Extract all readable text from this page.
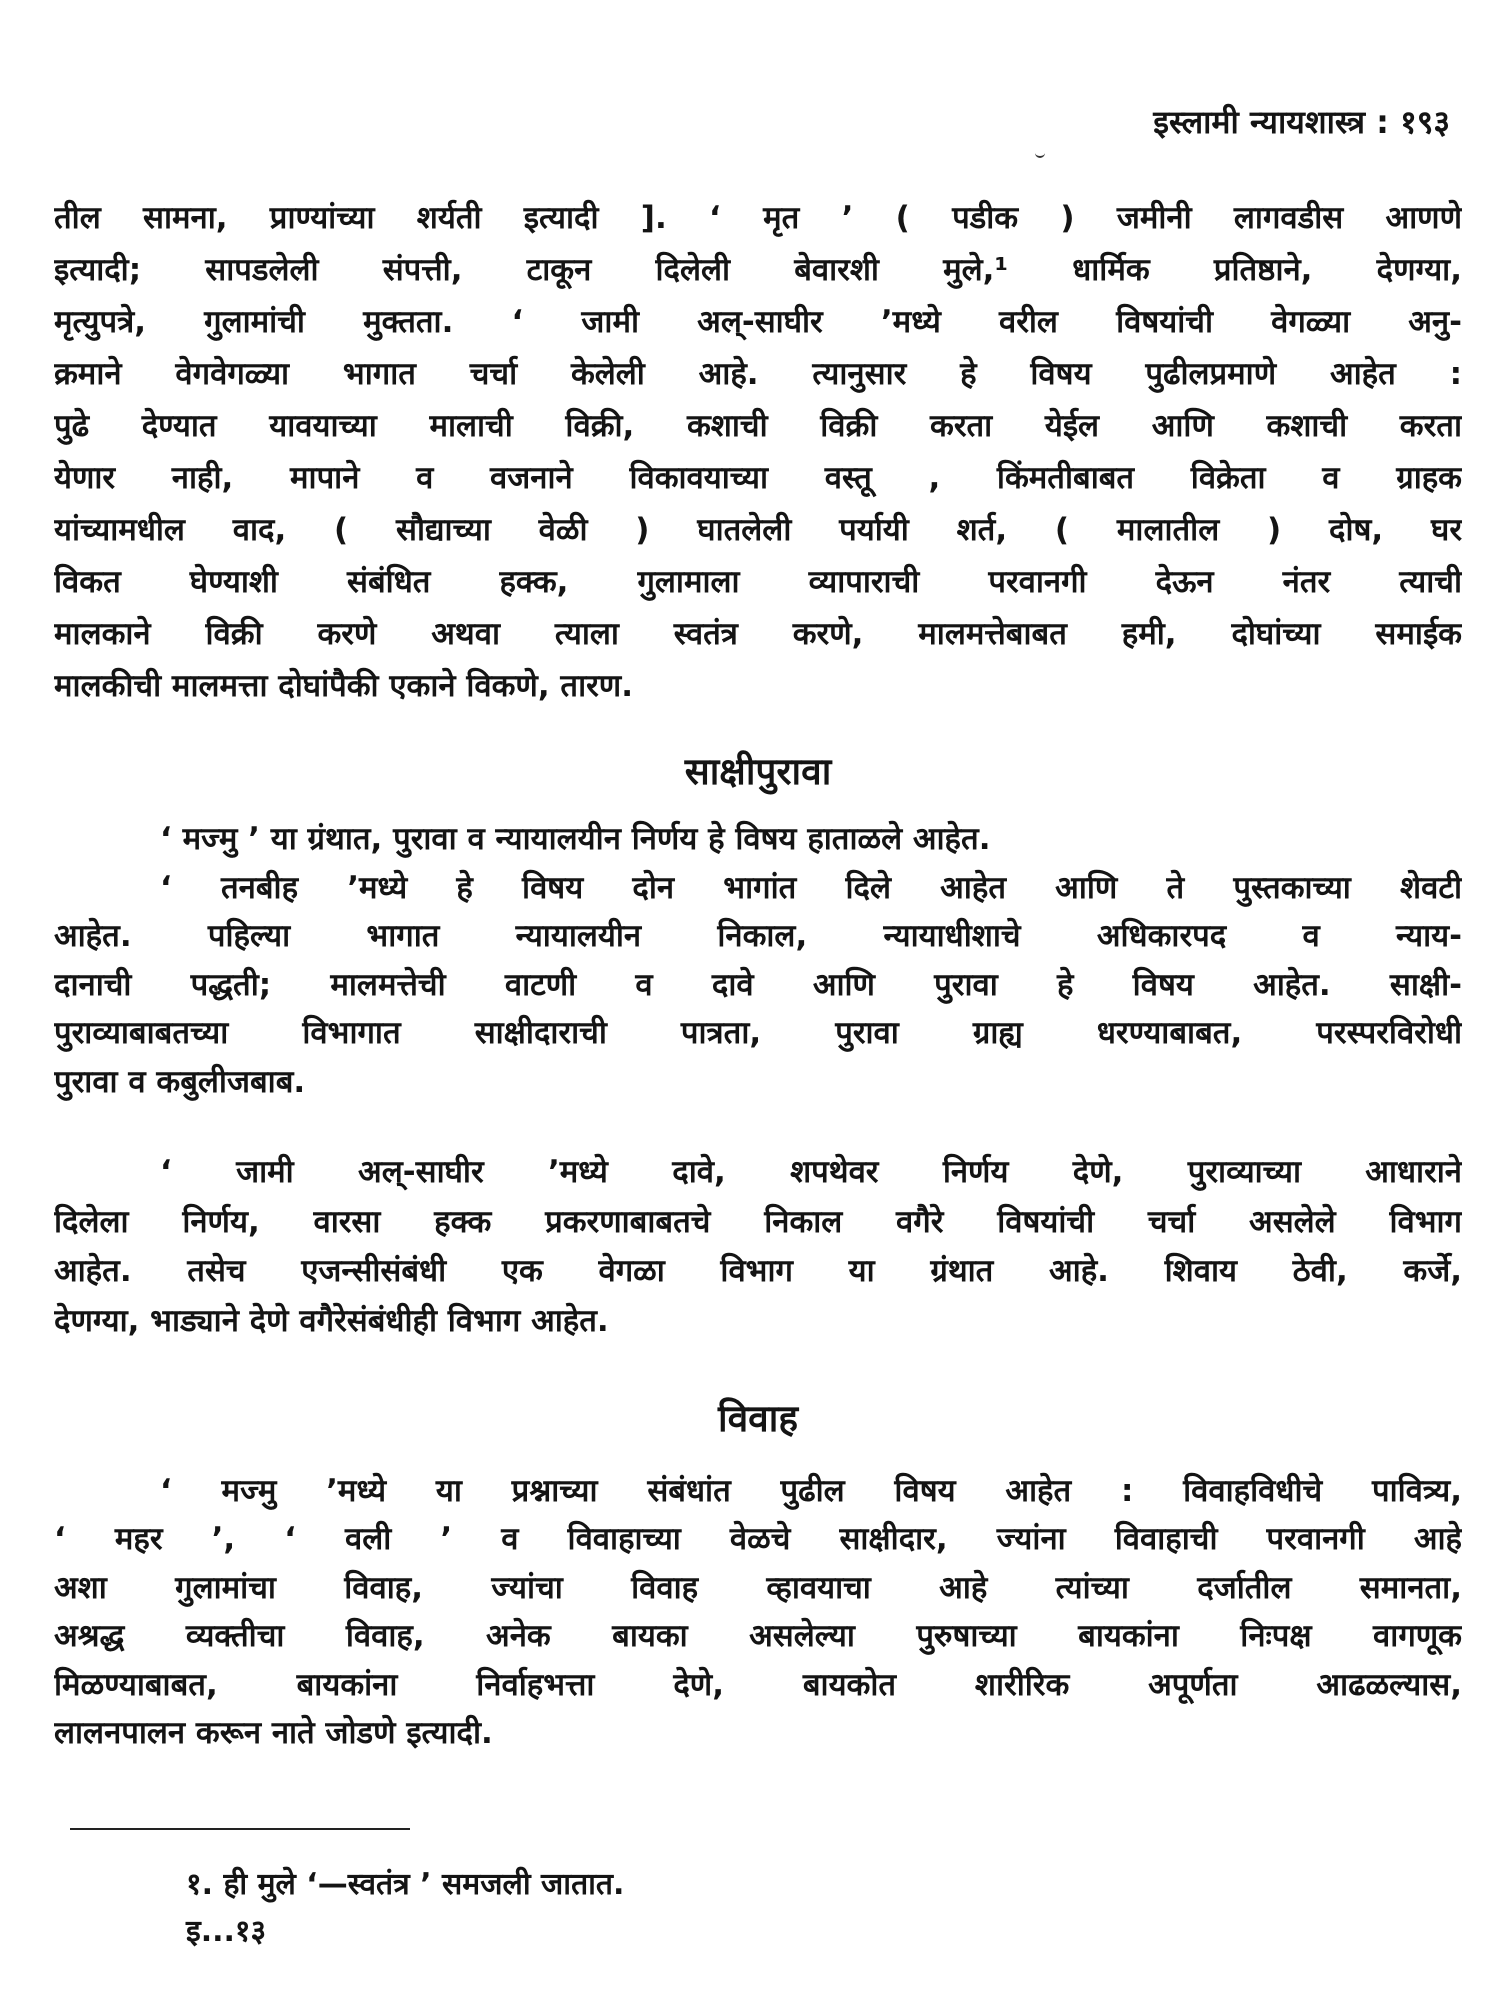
इस्लामी न्यायशास्त्र : १९३
तील सामना, प्राण्यांच्या शर्यती इत्यादी ]. ‘ मृत ’ ( पडीक ) जमीनी लागवडीस आणणे
इत्यादी; सापडलेली संपत्ती, टाकून दिलेली बेवारशी मुले,¹ धार्मिक प्रतिष्ठाने, देणग्या,
मृत्युपत्रे, गुलामांची मुक्तता. ‘ जामी अल्-साघीर ’मध्ये वरील विषयांची वेगळ्या अनु-
क्रमाने वेगवेगळ्या भागात चर्चा केलेली आहे. त्यानुसार हे विषय पुढीलप्रमाणे आहेत :
पुढे देण्यात यावयाच्या मालाची विक्री, कशाची विक्री करता येईल आणि कशाची करता
येणार नाही, मापाने व वजनाने विकावयाच्या वस्तू , किंमतीबाबत विक्रेता व ग्राहक
यांच्यामधील वाद, ( सौद्याच्या वेळी ) घातलेली पर्यायी शर्त, ( मालातील ) दोष, घर
विकत घेण्याशी संबंधित हक्क, गुलामाला व्यापाराची परवानगी देऊन नंतर त्याची
मालकाने विक्री करणे अथवा त्याला स्वतंत्र करणे, मालमत्तेबाबत हमी, दोघांच्या समाईक
मालकीची मालमत्ता दोघांपैकी एकाने विकणे, तारण.
साक्षीपुरावा
‘ मज्मु ’ या ग्रंथात, पुरावा व न्यायालयीन निर्णय हे विषय हाताळले आहेत.
‘ तनबीह ’मध्ये हे विषय दोन भागांत दिले आहेत आणि ते पुस्तकाच्या शेवटी
आहेत. पहिल्या भागात न्यायालयीन निकाल, न्यायाधीशाचे अधिकारपद व न्याय-
दानाची पद्धती; मालमत्तेची वाटणी व दावे आणि पुरावा हे विषय आहेत. साक्षी-
पुराव्याबाबतच्या विभागात साक्षीदाराची पात्रता, पुरावा ग्राह्य धरण्याबाबत, परस्परविरोधी
पुरावा व कबुलीजबाब.
‘ जामी अल्-साघीर ’मध्ये दावे, शपथेवर निर्णय देणे, पुराव्याच्या आधाराने
दिलेला निर्णय, वारसा हक्क प्रकरणाबाबतचे निकाल वगैरे विषयांची चर्चा असलेले विभाग
आहेत. तसेच एजन्सीसंबंधी एक वेगळा विभाग या ग्रंथात आहे. शिवाय ठेवी, कर्जे,
देणग्या, भाड्याने देणे वगैरेसंबंधीही विभाग आहेत.
विवाह
‘ मज्मु ’मध्ये या प्रश्नाच्या संबंधांत पुढील विषय आहेत : विवाहविधीचे पावित्र्य,
‘ महर ’, ‘ वली ’ व विवाहाच्या वेळचे साक्षीदार, ज्यांना विवाहाची परवानगी आहे
अशा गुलामांचा विवाह, ज्यांचा विवाह व्हावयाचा आहे त्यांच्या दर्जातील समानता,
अश्रद्ध व्यक्तीचा विवाह, अनेक बायका असलेल्या पुरुषाच्या बायकांना निःपक्ष वागणूक
मिळण्याबाबत, बायकांना निर्वाहभत्ता देणे, बायकोत शारीरिक अपूर्णता आढळल्यास,
लालनपालन करून नाते जोडणे इत्यादी.
१. ही मुले ‘—स्वतंत्र ’ समजली जातात.
इ...१३
